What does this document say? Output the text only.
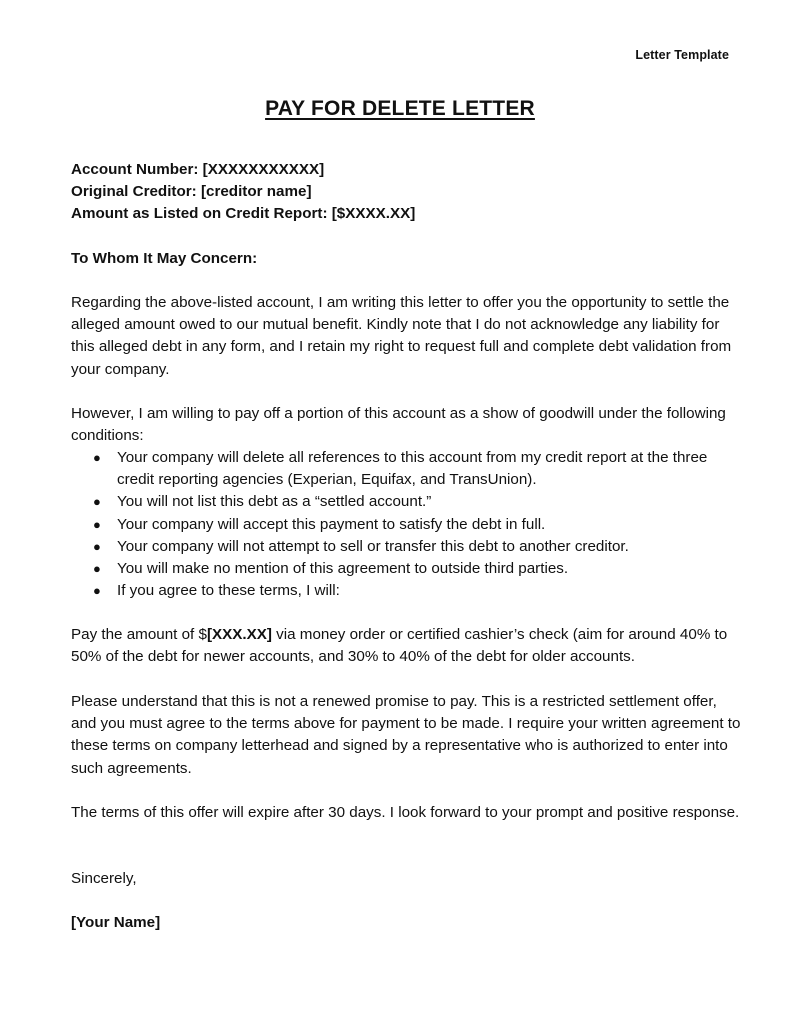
Letter Template
PAY FOR DELETE LETTER

Account Number: [XXXXXXXXXXX]

Original Creditor: [creditor name]

Amount as Listed on Credit Report: [$XXXX.XX]

To Whom It May Concern:

Regarding the above-listed account, I am writing this letter to offer you the opportunity to settle the alleged amount owed to our mutual benefit. Kindly note that I do not acknowledge any liability for this alleged debt in any form, and I retain my right to request full and complete debt validation from your company.

However, I am willing to pay off a portion of this account as a show of goodwill under the following conditions:

● Your company will delete all references to this account from my credit report at the three credit reporting agencies (Experian, Equifax, and TransUnion).
● You will not list this debt as a “settled account.”
● Your company will accept this payment to satisfy the debt in full.
● Your company will not attempt to sell or transfer this debt to another creditor.
● You will make no mention of this agreement to outside third parties.
● If you agree to these terms, I will:

Pay the amount of $[XXX.XX] via money order or certified cashier’s check (aim for around 40% to 50% of the debt for newer accounts, and 30% to 40% of the debt for older accounts.

Please understand that this is not a renewed promise to pay. This is a restricted settlement offer, and you must agree to the terms above for payment to be made. I require your written agreement to these terms on company letterhead and signed by a representative who is authorized to enter into such agreements.

The terms of this offer will expire after 30 days. I look forward to your prompt and positive response.

Sincerely,

[Your Name]
